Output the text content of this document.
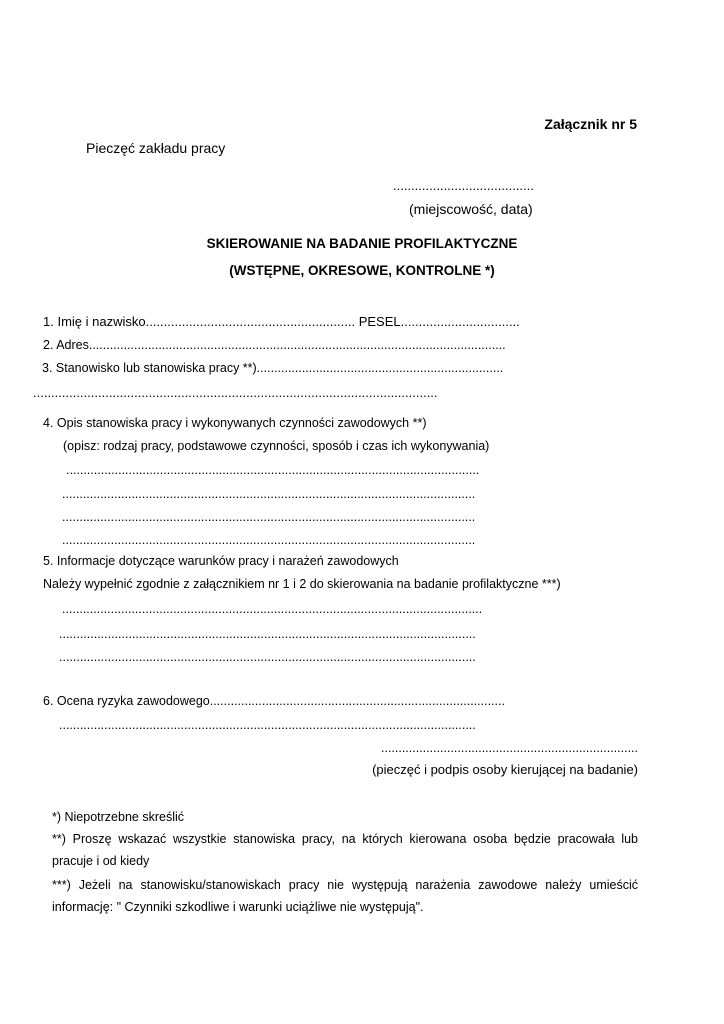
Załącznik nr 5
Pieczęć zakładu pracy
.......................................
(miejscowość, data)
SKIEROWANIE NA BADANIE PROFILAKTYCZNE
(WSTĘPNE, OKRESOWE, KONTROLNE *)
1. Imię i nazwisko.......................................................... PESEL.................................
2. Adres........................................................................................................................
3. Stanowisko lub stanowiska pracy **).......................................................................
................................................................................................................
4. Opis stanowiska pracy i wykonywanych czynności zawodowych **)
(opisz: rodzaj pracy, podstawowe czynności, sposób i czas ich wykonywania)
.......................................................................................................................
.......................................................................................................................
.......................................................................................................................
.......................................................................................................................
5. Informacje dotyczące warunków pracy i narażeń zawodowych
Należy wypełnić zgodnie z załącznikiem nr 1 i 2 do skierowania na badanie profilaktyczne ***)
.........................................................................................................................
........................................................................................................................
........................................................................................................................
6. Ocena ryzyka zawodowego.....................................................................................
........................................................................................................................
..........................................................................
(pieczęć i podpis osoby kierującej na badanie)
*) Niepotrzebne skreślić
**) Proszę wskazać wszystkie stanowiska pracy, na których kierowana osoba będzie pracowała lub pracuje i od kiedy
***) Jeżeli na stanowisku/stanowiskach pracy nie występują narażenia zawodowe należy umieścić informację: " Czynniki szkodliwe i warunki uciążliwe nie występują".
